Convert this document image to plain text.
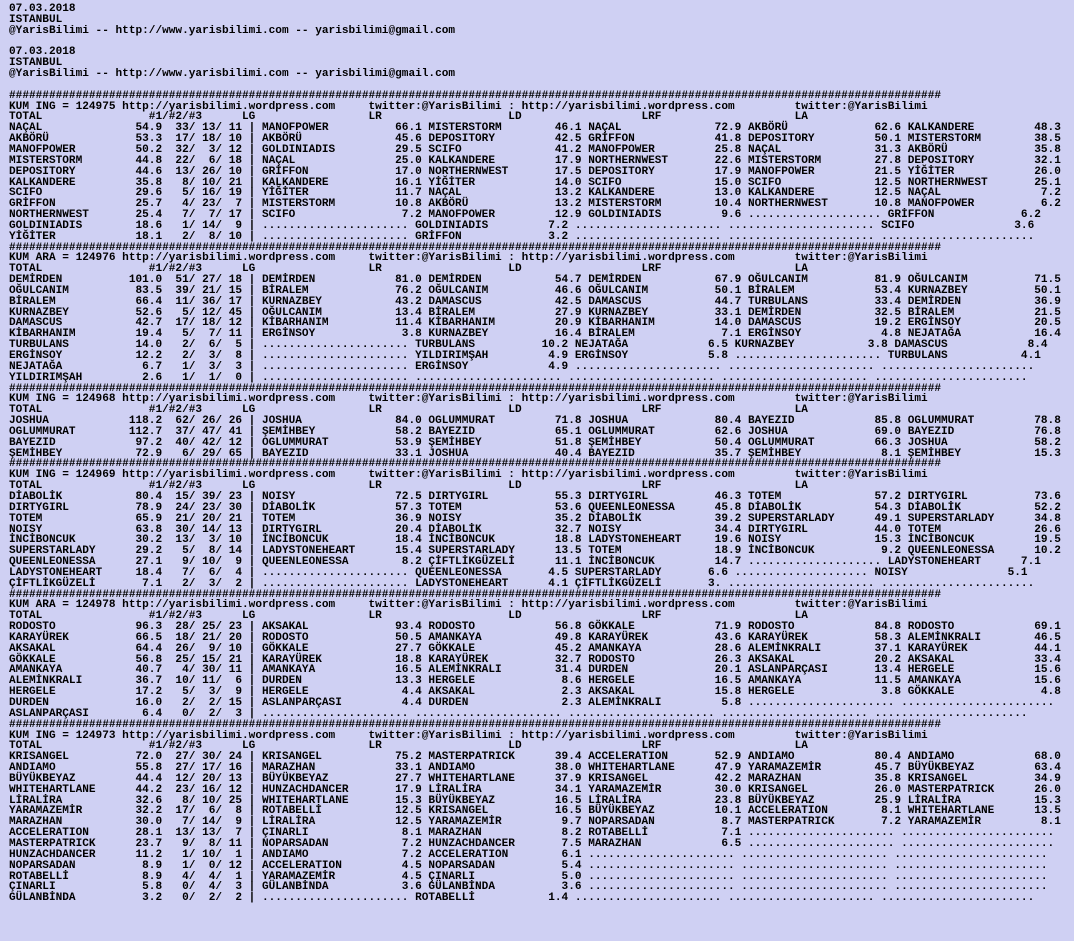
07.03.2018
ISTANBUL
@YarisBilimi -- http://www.yarisbilimi.com -- yarisbilimi@gmail.com
07.03.2018
ISTANBUL
@YarisBilimi -- http://www.yarisbilimi.com -- yarisbilimi@gmail.com
############################################################################################################################################
KUM ING = 124975 http://yarisbilimi.wordpress.com     twitter:@YarisBilimi : http://yarisbilimi.wordpress.com         twitter:@YarisBilimi
TOTAL                #1/#2/#3      LG                 LR                   LD                  LRF                    LA
NAÇAL              54.9  33/ 13/ 11 | MANOFPOWER          66.1 MISTERSTORM        46.1 NAÇAL              72.9 AKBÖRÜ             62.6 KALKANDERE         48.3
AKBÖRÜ             53.3  17/ 18/ 10 | AKBÖRÜ              45.6 DEPOSITORY         42.5 GRİFFON            41.8 DEPOSITORY         50.1 MISTERSTORM        38.5
MANOFPOWER         50.2  32/  3/ 12 | GOLDINIADIS         29.5 SCIFO              41.2 MANOFPOWER         25.8 NAÇAL              31.3 AKBÖRÜ             35.8
MISTERSTORM        44.8  22/  6/ 18 | NAÇAL               25.0 KALKANDERE         17.9 NORTHERNWEST       22.6 MISTERSTORM        27.8 DEPOSITORY         32.1
DEPOSITORY         44.6  13/ 26/ 10 | GRİFFON             17.0 NORTHERNWEST       17.5 DEPOSITORY         17.9 MANOFPOWER         21.5 YİĞİTER            26.0
KALKANDERE         35.8   8/ 10/ 21 | KALKANDERE          16.1 YİĞİTER            14.0 SCIFO              15.0 SCIFO              12.5 NORTHERNWEST       25.1
SCIFO              29.6   5/ 16/ 19 | YİĞİTER             11.7 NAÇAL              13.2 KALKANDERE         13.0 KALKANDERE         12.5 NAÇAL               7.2
GRİFFON            25.7   4/ 23/  7 | MISTERSTORM         10.8 AKBÖRÜ             13.2 MISTERSTORM        10.4 NORTHERNWEST       10.8 MANOFPOWER          6.2
NORTHERNWEST       25.4   7/  7/ 17 | SCIFO                7.2 MANOFPOWER         12.9 GOLDINIADIS         9.6 .................... GRİFFON             6.2
GOLDINIADIS        18.6   1/ 14/  9 | ...................... GOLDINIADIS         7.2 ...................... ...................... SCIFO               3.6
YİĞİTER            18.1   2/  8/ 10 | ...................... GRİFFON             3.2 ...................... ...................... .......................
############################################################################################################################################
KUM ARA = 124976 http://yarisbilimi.wordpress.com     twitter:@YarisBilimi : http://yarisbilimi.wordpress.com         twitter:@YarisBilimi
TOTAL                #1/#2/#3      LG                 LR                   LD                  LRF                    LA
DEMİRDEN          101.0  51/ 27/ 18 | DEMİRDEN            81.0 DEMİRDEN           54.7 DEMİRDEN           67.9 OĞULCANIM          81.9 OĞULCANIM          71.5
OĞULCANIM          83.5  39/ 21/ 15 | BİRALEM             76.2 OĞULCANIM          46.6 OĞULCANIM          50.1 BİRALEM            53.4 KURNAZBEY          50.1
BİRALEM            66.4  11/ 36/ 17 | KURNAZBEY           43.2 DAMASCUS           42.5 DAMASCUS           44.7 TURBULANS          33.4 DEMİRDEN           36.9
KURNAZBEY          52.6   5/ 12/ 45 | OĞULCANIM           13.4 BİRALEM            27.9 KURNAZBEY          33.1 DEMİRDEN           32.5 BİRALEM            21.5
DAMASCUS           42.7  17/ 18/ 12 | KİBARHANIM          11.4 KİBARHANIM         20.9 KİBARHANIM         14.0 DAMASCUS           19.2 ERGİNSOY           20.5
KİBARHANIM         19.4   5/  7/ 11 | ERGİNSOY             3.8 KURNAZBEY          16.4 BİRALEM             7.1 ERGİNSOY            4.8 NEJATAĞA           16.4
TURBULANS          14.0   2/  6/  5 | ...................... TURBULANS          10.2 NEJATAĞA            6.5 KURNAZBEY           3.8 DAMASCUS            8.4
ERGİNSOY           12.2   2/  3/  8 | ...................... YILDIRIMŞAH         4.9 ERGİNSOY            5.8 ...................... TURBULANS           4.1
NEJATAĞA            6.7   1/  3/  3 | ...................... ERGİNSOY            4.9 ...................... ...................... .......................
YILDIRIMŞAH         2.6   1/  1/  0 | ...................... ...................... ...................... ...................... .......................
############################################################################################################################################
KUM ING = 124968 http://yarisbilimi.wordpress.com     twitter:@YarisBilimi : http://yarisbilimi.wordpress.com         twitter:@YarisBilimi
TOTAL                #1/#2/#3      LG                 LR                   LD                  LRF                    LA
JOSHUA            118.2  62/ 26/ 26 | JOSHUA              84.0 OGLUMMURAT         71.8 JOSHUA             80.4 BAYEZID            85.8 OGLUMMURAT         78.8
OGLUMMURAT        112.7  37/ 47/ 41 | ŞEMİHBEY            58.2 BAYEZID            65.1 OGLUMMURAT         62.6 JOSHUA             69.0 BAYEZID            76.8
BAYEZID            97.2  40/ 42/ 12 | OGLUMMURAT          53.9 ŞEMİHBEY           51.8 ŞEMİHBEY           50.4 OGLUMMURAT         66.3 JOSHUA             58.2
ŞEMİHBEY           72.9   6/ 29/ 65 | BAYEZID             33.1 JOSHUA             40.4 BAYEZID            35.7 ŞEMİHBEY            8.1 ŞEMİHBEY           15.3
############################################################################################################################################
KUM ING = 124969 http://yarisbilimi.wordpress.com     twitter:@YarisBilimi : http://yarisbilimi.wordpress.com         twitter:@YarisBilimi
TOTAL                #1/#2/#3      LG                 LR                   LD                  LRF                    LA
DİABOLİK           80.4  15/ 39/ 23 | NOISY               72.5 DIRTYGIRL          55.3 DIRTYGIRL          46.3 TOTEM              57.2 DIRTYGIRL          73.6
DIRTYGIRL          78.9  24/ 23/ 30 | DİABOLİK            57.3 TOTEM              53.6 QUEENLEONESSA      45.8 DİABOLİK           54.3 DİABOLİK           52.2
TOTEM              65.9  21/ 20/ 21 | TOTEM               36.9 NOISY              35.2 DİABOLİK           39.2 SUPERSTARLADY      49.1 SUPERSTARLADY      34.8
NOISY              63.8  30/ 14/ 13 | DIRTYGIRL           20.4 DİABOLİK           32.7 NOISY              34.4 DIRTYGIRL          44.0 TOTEM              26.6
İNCİBONCUK         30.2  13/  3/ 10 | İNCİBONCUK          18.4 İNCİBONCUK         18.8 LADYSTONEHEART     19.6 NOISY              15.3 İNCİBONCUK         19.5
SUPERSTARLADY      29.2   5/  8/ 14 | LADYSTONEHEART      15.4 SUPERSTARLADY      13.5 TOTEM              18.9 İNCİBONCUK          9.2 QUEENLEONESSA      10.2
QUEENLEONESSA      27.1   9/ 10/  9 | QUEENLEONESSA        8.2 ÇİFTLİKGÜZELİ      11.1 İNCİBONCUK         14.7 .................... LADYSTONEHEART      7.1
LADYSTONEHEART     18.4   7/  6/  4 | ...................... QUEENLEONESSA       4.5 SUPERSTARLADY       6.6 .................... NOISY               5.1
ÇİFTLİKGÜZELİ       7.1   2/  3/  2 | ...................... LADYSTONEHEART      4.1 ÇİFTLİKGÜZELİ       3. ...................... .......................
############################################################################################################################################
KUM ARA = 124978 http://yarisbilimi.wordpress.com     twitter:@YarisBilimi : http://yarisbilimi.wordpress.com         twitter:@YarisBilimi
TOTAL                #1/#2/#3      LG                 LR                   LD                  LRF                    LA
RODOSTO            96.3  28/ 25/ 23 | AKSAKAL             93.4 RODOSTO            56.8 GÖKKALE            71.9 RODOSTO            84.8 RODOSTO            69.1
KARAYÜREK          66.5  18/ 21/ 20 | RODOSTO             50.5 AMANKAYA           49.8 KARAYÜREK          43.6 KARAYÜREK          58.3 ALEMİNKRALI        46.5
AKSAKAL            64.4  26/  9/ 10 | GÖKKALE             27.7 GÖKKALE            45.2 AMANKAYA           28.6 ALEMİNKRALI        37.1 KARAYÜREK          44.1
GÖKKALE            56.8  25/ 15/ 21 | KARAYÜREK           18.8 KARAYÜREK          32.7 RODOSTO            26.3 AKSAKAL            20.2 AKSAKAL            33.4
AMANKAYA           40.7   4/ 30/ 11 | AMANKAYA            16.5 ALEMİNKRALI        31.4 DURDEN             20.1 ASLANPARÇASI       13.4 HERGELE            15.6
ALEMİNKRALI        36.7  10/ 11/  6 | DURDEN              13.3 HERGELE             8.6 HERGELE            16.5 AMANKAYA           11.5 AMANKAYA           15.6
HERGELE            17.2   5/  3/  9 | HERGELE              4.4 AKSAKAL             2.3 AKSAKAL            15.8 HERGELE             3.8 GÖKKALE             4.8
DURDEN             16.0   2/  2/ 15 | ASLANPARÇASI         4.4 DURDEN              2.3 ALEMİNKRALI         5.8 ...................... .......................
ASLANPARÇASI        6.4   0/  2/  3 | ...................... ...................... ...................... ...................... .......................
############################################################################################################################################
KUM ING = 124973 http://yarisbilimi.wordpress.com     twitter:@YarisBilimi : http://yarisbilimi.wordpress.com         twitter:@YarisBilimi
TOTAL                #1/#2/#3      LG                 LR                   LD                  LRF                    LA
KRISANGEL          72.0  27/ 30/ 24 | KRISANGEL           75.2 MASTERPATRICK      39.4 ACCELERATION       52.9 ANDIAMO            80.4 ANDIAMO            68.0
ANDIAMO            55.8  27/ 17/ 16 | MARAZHAN            33.1 ANDIAMO            38.0 WHITEHARTLANE      47.9 YARAMAZEMİR        45.7 BÜYÜKBEYAZ         63.4
BÜYÜKBEYAZ         44.4  12/ 20/ 13 | BÜYÜKBEYAZ          27.7 WHITEHARTLANE      37.9 KRISANGEL          42.2 MARAZHAN           35.8 KRISANGEL          34.9
WHITEHARTLANE      44.2  23/ 16/ 12 | HUNZACHDANCER       17.9 LİRALİRA           34.1 YARAMAZEMİR        30.0 KRISANGEL          26.0 MASTERPATRICK      26.0
LİRALİRA           32.6   8/ 10/ 25 | WHITEHARTLANE       15.3 BÜYÜKBEYAZ         16.5 LİRALİRA           23.8 BÜYÜKBEYAZ         25.9 LİRALİRA           15.3
YARAMAZEMİR        32.2  17/  6/  8 | ROTABELLİ           12.5 KRISANGEL          16.5 BÜYÜKBEYAZ         10.1 ACCELERATION        8.1 WHITEHARTLANE      13.5
MARAZHAN           30.0   7/ 14/  9 | LİRALİRA            12.5 YARAMAZEMİR         9.7 NOPARSADAN          8.7 MASTERPATRICK       7.2 YARAMAZEMİR         8.1
ACCELERATION       28.1  13/ 13/  7 | ÇINARLI              8.1 MARAZHAN            8.2 ROTABELLİ           7.1 ...................... .......................
MASTERPATRICK      23.7   9/  8/ 11 | NOPARSADAN           7.2 HUNZACHDANCER       7.5 MARAZHAN            6.5 ...................... .......................
HUNZACHDANCER      11.2   1/ 10/  1 | ANDIAMO              7.2 ACCELERATION        6.1 ...................... ...................... .......................
NOPARSADAN          8.9   1/  0/ 12 | ACCELERATION         4.5 NOPARSADAN          5.4 ...................... ...................... .......................
ROTABELLİ           8.9   4/  4/  1 | YARAMAZEMİR          4.5 ÇINARLI             5.0 ...................... ...................... .......................
ÇINARLI             5.8   0/  4/  3 | GÜLANBİNDA           3.6 GÜLANBİNDA          3.6 ...................... ...................... .......................
GÜLANBİNDA          3.2   0/  2/  2 | ...................... ROTABELLİ           1.4 ...................... ...................... .......................
